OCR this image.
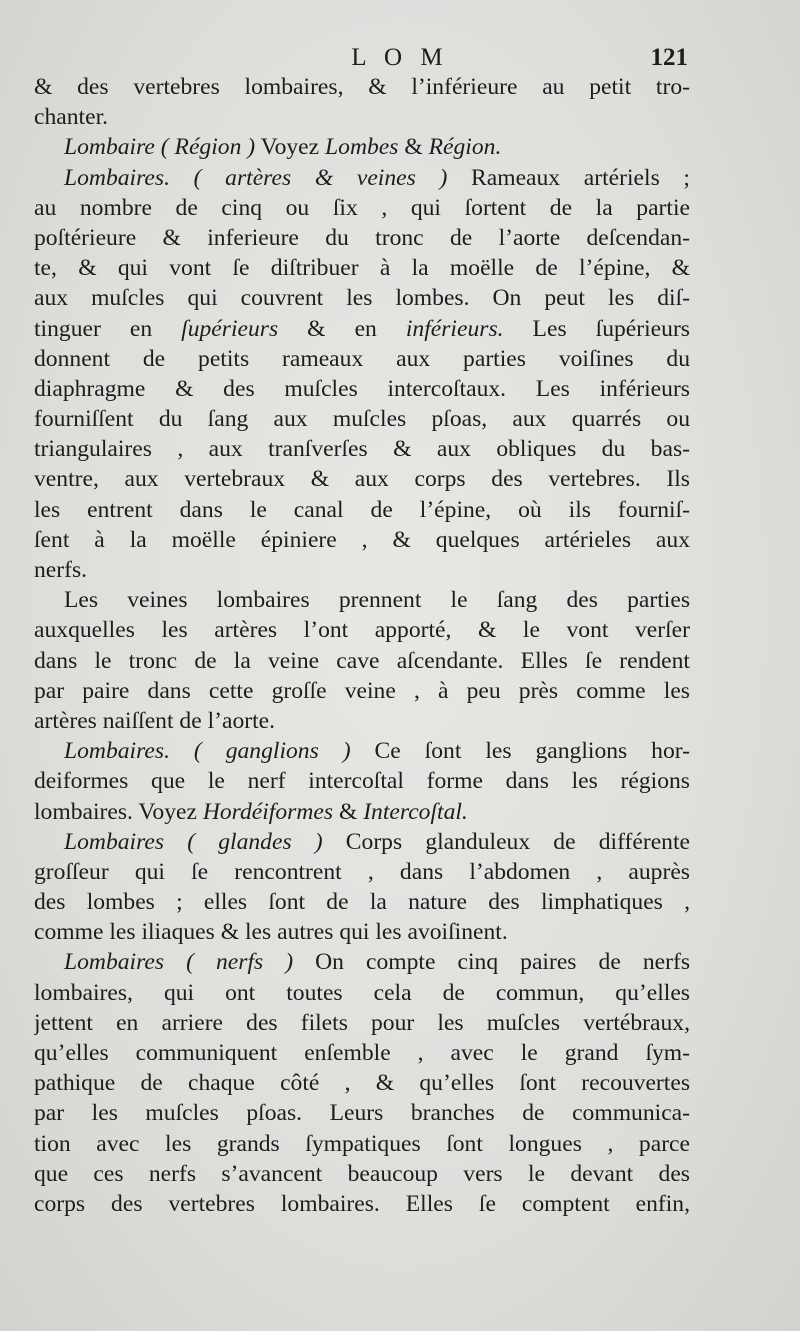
L O M	121
& des vertebres lombaires, & l’inférieure au petit tro-
chanter.
Lombaire ( Région ) Voyez Lombes & Région.
Lombaires. ( artères & veines ) Rameaux artériels ;
au nombre de cinq ou ſix , qui ſortent de la partie
poſtérieure & inferieure du tronc de l’aorte deſcendan-
te, & qui vont ſe diſtribuer à la moëlle de l’épine, &
aux muſcles qui couvrent les lombes. On peut les diſ-
tinguer en ſupérieurs & en inférieurs. Les ſupérieurs
donnent de petits rameaux aux parties voiſines du
diaphragme & des muſcles intercoſtaux. Les inférieurs
fourniſſent du ſang aux muſcles pſoas, aux quarrés ou
triangulaires , aux tranſverſes & aux obliques du bas-
ventre, aux vertebraux & aux corps des vertebres. Ils
les entrent dans le canal de l’épine, où ils fourniſ-
ſent à la moëlle épiniere , & quelques artérieles aux
nerfs.
Les veines lombaires prennent le ſang des parties
auxquelles les artères l’ont apporté, & le vont verſer
dans le tronc de la veine cave aſcendante. Elles ſe rendent
par paire dans cette groſſe veine , à peu près comme les
artères naiſſent de l’aorte.
Lombaires. ( ganglions ) Ce ſont les ganglions hor-
deiformes que le nerf intercoſtal forme dans les régions
lombaires. Voyez Hordéiformes & Intercoſtal.
Lombaires ( glandes ) Corps glanduleux de différente
groſſeur qui ſe rencontrent , dans l’abdomen , auprès
des lombes ; elles ſont de la nature des limphatiques ,
comme les iliaques & les autres qui les avoiſinent.
Lombaires ( nerfs ) On compte cinq paires de nerfs
lombaires, qui ont toutes cela de commun, qu’elles
jettent en arriere des filets pour les muſcles vertébraux,
qu’elles communiquent enſemble , avec le grand ſym-
pathique de chaque côté , & qu’elles ſont recouvertes
par les muſcles pſoas. Leurs branches de communica-
tion avec les grands ſympatiques ſont longues , parce
que ces nerfs s’avancent beaucoup vers le devant des
corps des vertebres lombaires. Elles ſe comptent enfin,
